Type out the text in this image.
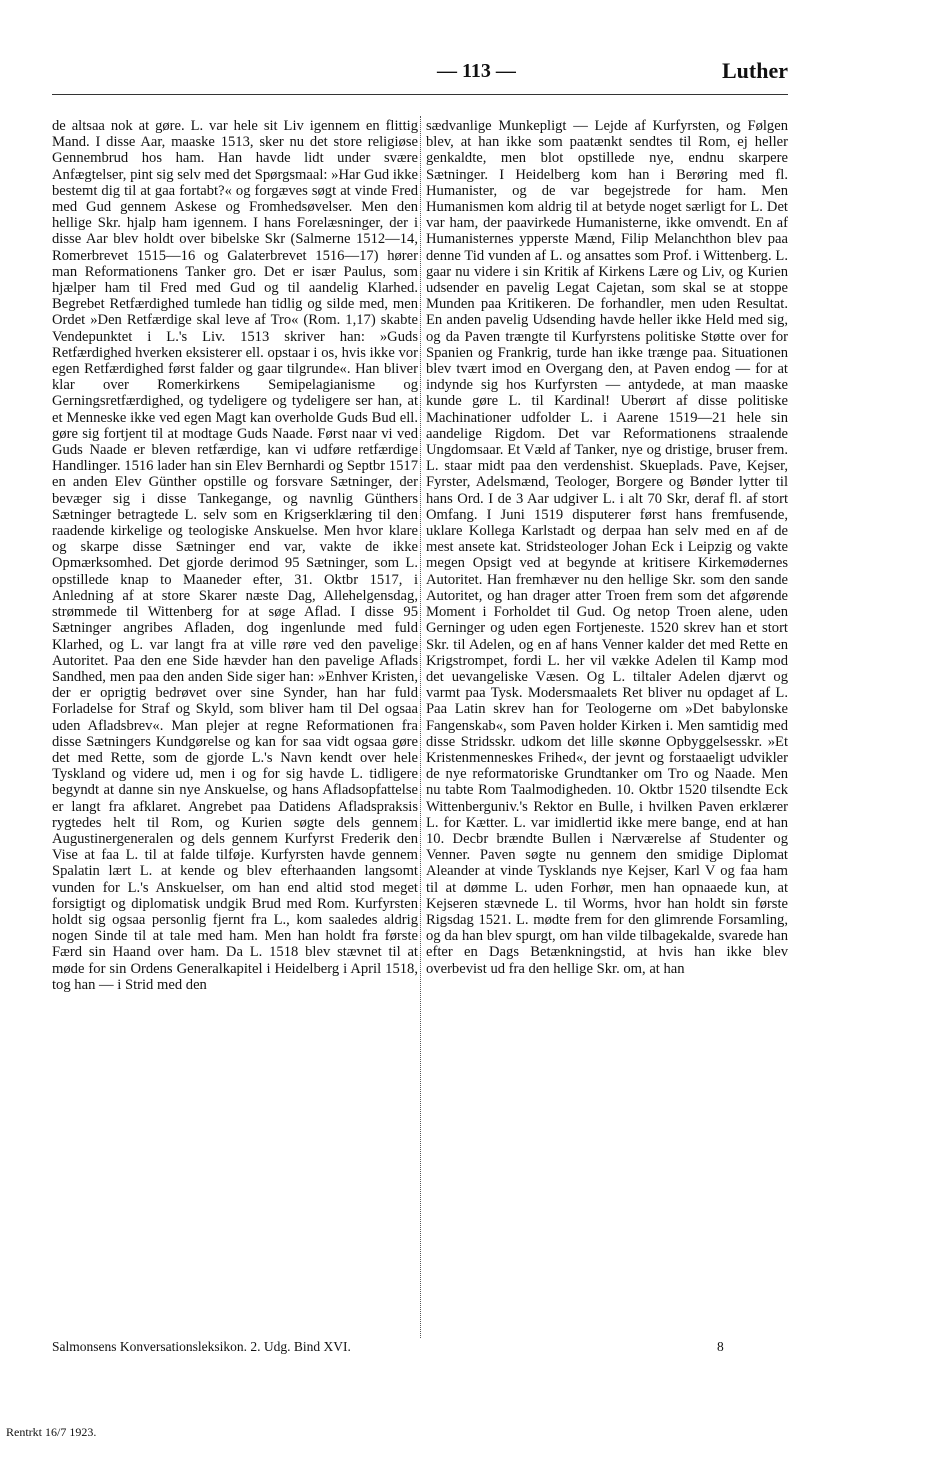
— 113 —	Luther

de altsaa nok at gøre. L. var hele sit Liv igennem en flittig Mand. I disse Aar, maaske 1513, sker nu det store religiøse Gennembrud hos ham. Han havde lidt under svære Anfægtelser, pint sig selv med det Spørgsmaal: »Har Gud ikke bestemt dig til at gaa fortabt?« og forgæves søgt at vinde Fred med Gud gennem Askese og Fromhedsøvelser. Men den hellige Skr. hjalp ham igennem. I hans Forelæsninger, der i disse Aar blev holdt over bibelske Skr (Salmerne 1512—14, Romerbrevet 1515—16 og Galaterbrevet 1516—17) hører man Reformationens Tanker gro. Det er især Paulus, som hjælper ham til Fred med Gud og til aandelig Klarhed. Begrebet Retfærdighed tumlede han tidlig og silde med, men Ordet »Den Retfærdige skal leve af Tro« (Rom. 1,17) skabte Vendepunktet i L.'s Liv. 1513 skriver han: »Guds Retfærdighed hverken eksisterer ell. opstaar i os, hvis ikke vor egen Retfærdighed først falder og gaar tilgrunde«. Han bliver klar over Romerkirkens Semipelagianisme og Gerningsretfærdighed, og tydeligere og tydeligere ser han, at et Menneske ikke ved egen Magt kan overholde Guds Bud ell. gøre sig fortjent til at modtage Guds Naade. Først naar vi ved Guds Naade er bleven retfærdige, kan vi udføre retfærdige Handlinger. 1516 lader han sin Elev Bernhardi og Septbr 1517 en anden Elev Günther opstille og forsvare Sætninger, der bevæger sig i disse Tankegange, og navnlig Günthers Sætninger betragtede L. selv som en Krigserklæring til den raadende kirkelige og teologiske Anskuelse. Men hvor klare og skarpe disse Sætninger end var, vakte de ikke Opmærksomhed. Det gjorde derimod 95 Sætninger, som L. opstillede knap to Maaneder efter, 31. Oktbr 1517, i Anledning af at store Skarer næste Dag, Allehelgensdag, strømmede til Wittenberg for at søge Aflad. I disse 95 Sætninger angribes Afladen, dog ingenlunde med fuld Klarhed, og L. var langt fra at ville røre ved den pavelige Autoritet. Paa den ene Side hævder han den pavelige Aflads Sandhed, men paa den anden Side siger han: »Enhver Kristen, der er oprigtig bedrøvet over sine Synder, han har fuld Forladelse for Straf og Skyld, som bliver ham til Del ogsaa uden Afladsbrev«. Man plejer at regne Reformationen fra disse Sætningers Kundgørelse og kan for saa vidt ogsaa gøre det med Rette, som de gjorde L.'s Navn kendt over hele Tyskland og videre ud, men i og for sig havde L. tidligere begyndt at danne sin nye Anskuelse, og hans Afladsopfattelse er langt fra afklaret. Angrebet paa Datidens Afladspraksis rygtedes helt til Rom, og Kurien søgte dels gennem Augustinergeneralen og dels gennem Kurfyrst Frederik den Vise at faa L. til at falde tilføje. Kurfyrsten havde gennem Spalatin lært L. at kende og blev efterhaanden langsomt vunden for L.'s Anskuelser, om han end altid stod meget forsigtigt og diplomatisk undgik Brud med Rom. Kurfyrsten holdt sig ogsaa personlig fjernt fra L., kom saaledes aldrig nogen Sinde til at tale med ham. Men han holdt fra første Færd sin Haand over ham. Da L. 1518 blev stævnet til at møde for sin Ordens Generalkapitel i Heidelberg i April 1518, tog han — i Strid med den

sædvanlige Munkepligt — Lejde af Kurfyrsten, og Følgen blev, at han ikke som paatænkt sendtes til Rom, ej heller genkaldte, men blot opstillede nye, endnu skarpere Sætninger. I Heidelberg kom han i Berøring med fl. Humanister, og de var begejstrede for ham. Men Humanismen kom aldrig til at betyde noget særligt for L. Det var ham, der paavirkede Humanisterne, ikke omvendt. En af Humanisternes ypperste Mænd, Filip Melanchthon blev paa denne Tid vunden af L. og ansattes som Prof. i Wittenberg. L. gaar nu videre i sin Kritik af Kirkens Lære og Liv, og Kurien udsender en pavelig Legat Cajetan, som skal se at stoppe Munden paa Kritikeren. De forhandler, men uden Resultat. En anden pavelig Udsending havde heller ikke Held med sig, og da Paven trængte til Kurfyrstens politiske Støtte over for Spanien og Frankrig, turde han ikke trænge paa. Situationen blev tvært imod en Overgang den, at Paven endog — for at indynde sig hos Kurfyrsten — antydede, at man maaske kunde gøre L. til Kardinal! Uberørt af disse politiske Machinationer udfolder L. i Aarene 1519—21 hele sin aandelige Rigdom. Det var Reformationens straalende Ungdomsaar. Et Væld af Tanker, nye og dristige, bruser frem. L. staar midt paa den verdenshist. Skueplads. Pave, Kejser, Fyrster, Adelsmænd, Teologer, Borgere og Bønder lytter til hans Ord. I de 3 Aar udgiver L. i alt 70 Skr, deraf fl. af stort Omfang. I Juni 1519 disputerer først hans fremfusende, uklare Kollega Karlstadt og derpaa han selv med en af de mest ansete kat. Stridsteologer Johan Eck i Leipzig og vakte megen Opsigt ved at begynde at kritisere Kirkemødernes Autoritet. Han fremhæver nu den hellige Skr. som den sande Autoritet, og han drager atter Troen frem som det afgørende Moment i Forholdet til Gud. Og netop Troen alene, uden Gerninger og uden egen Fortjeneste. 1520 skrev han et stort Skr. til Adelen, og en af hans Venner kalder det med Rette en Krigstrompet, fordi L. her vil vække Adelen til Kamp mod det uevangeliske Væsen. Og L. tiltaler Adelen djærvt og varmt paa Tysk. Modersmaalets Ret bliver nu opdaget af L. Paa Latin skrev han for Teologerne om »Det babylonske Fangenskab«, som Paven holder Kirken i. Men samtidig med disse Stridsskr. udkom det lille skønne Opbyggelsesskr. »Et Kristenmenneskes Frihed«, der jevnt og forstaaeligt udvikler de nye reformatoriske Grundtanker om Tro og Naade. Men nu tabte Rom Taalmodigheden. 10. Oktbr 1520 tilsendte Eck Wittenberguniv.'s Rektor en Bulle, i hvilken Paven erklærer L. for Kætter. L. var imidlertid ikke mere bange, end at han 10. Decbr brændte Bullen i Nærværelse af Studenter og Venner. Paven søgte nu gennem den smidige Diplomat Aleander at vinde Tysklands nye Kejser, Karl V og faa ham til at dømme L. uden Forhør, men han opnaaede kun, at Kejseren stævnede L. til Worms, hvor han holdt sin første Rigsdag 1521. L. mødte frem for den glimrende Forsamling, og da han blev spurgt, om han vilde tilbagekalde, svarede han efter en Dags Betænkningstid, at hvis han ikke blev overbevist ud fra den hellige Skr. om, at han

Salmonsens Konversationsleksikon. 2. Udg. Bind XVI.	8
Rentrkt 16/7 1923.
